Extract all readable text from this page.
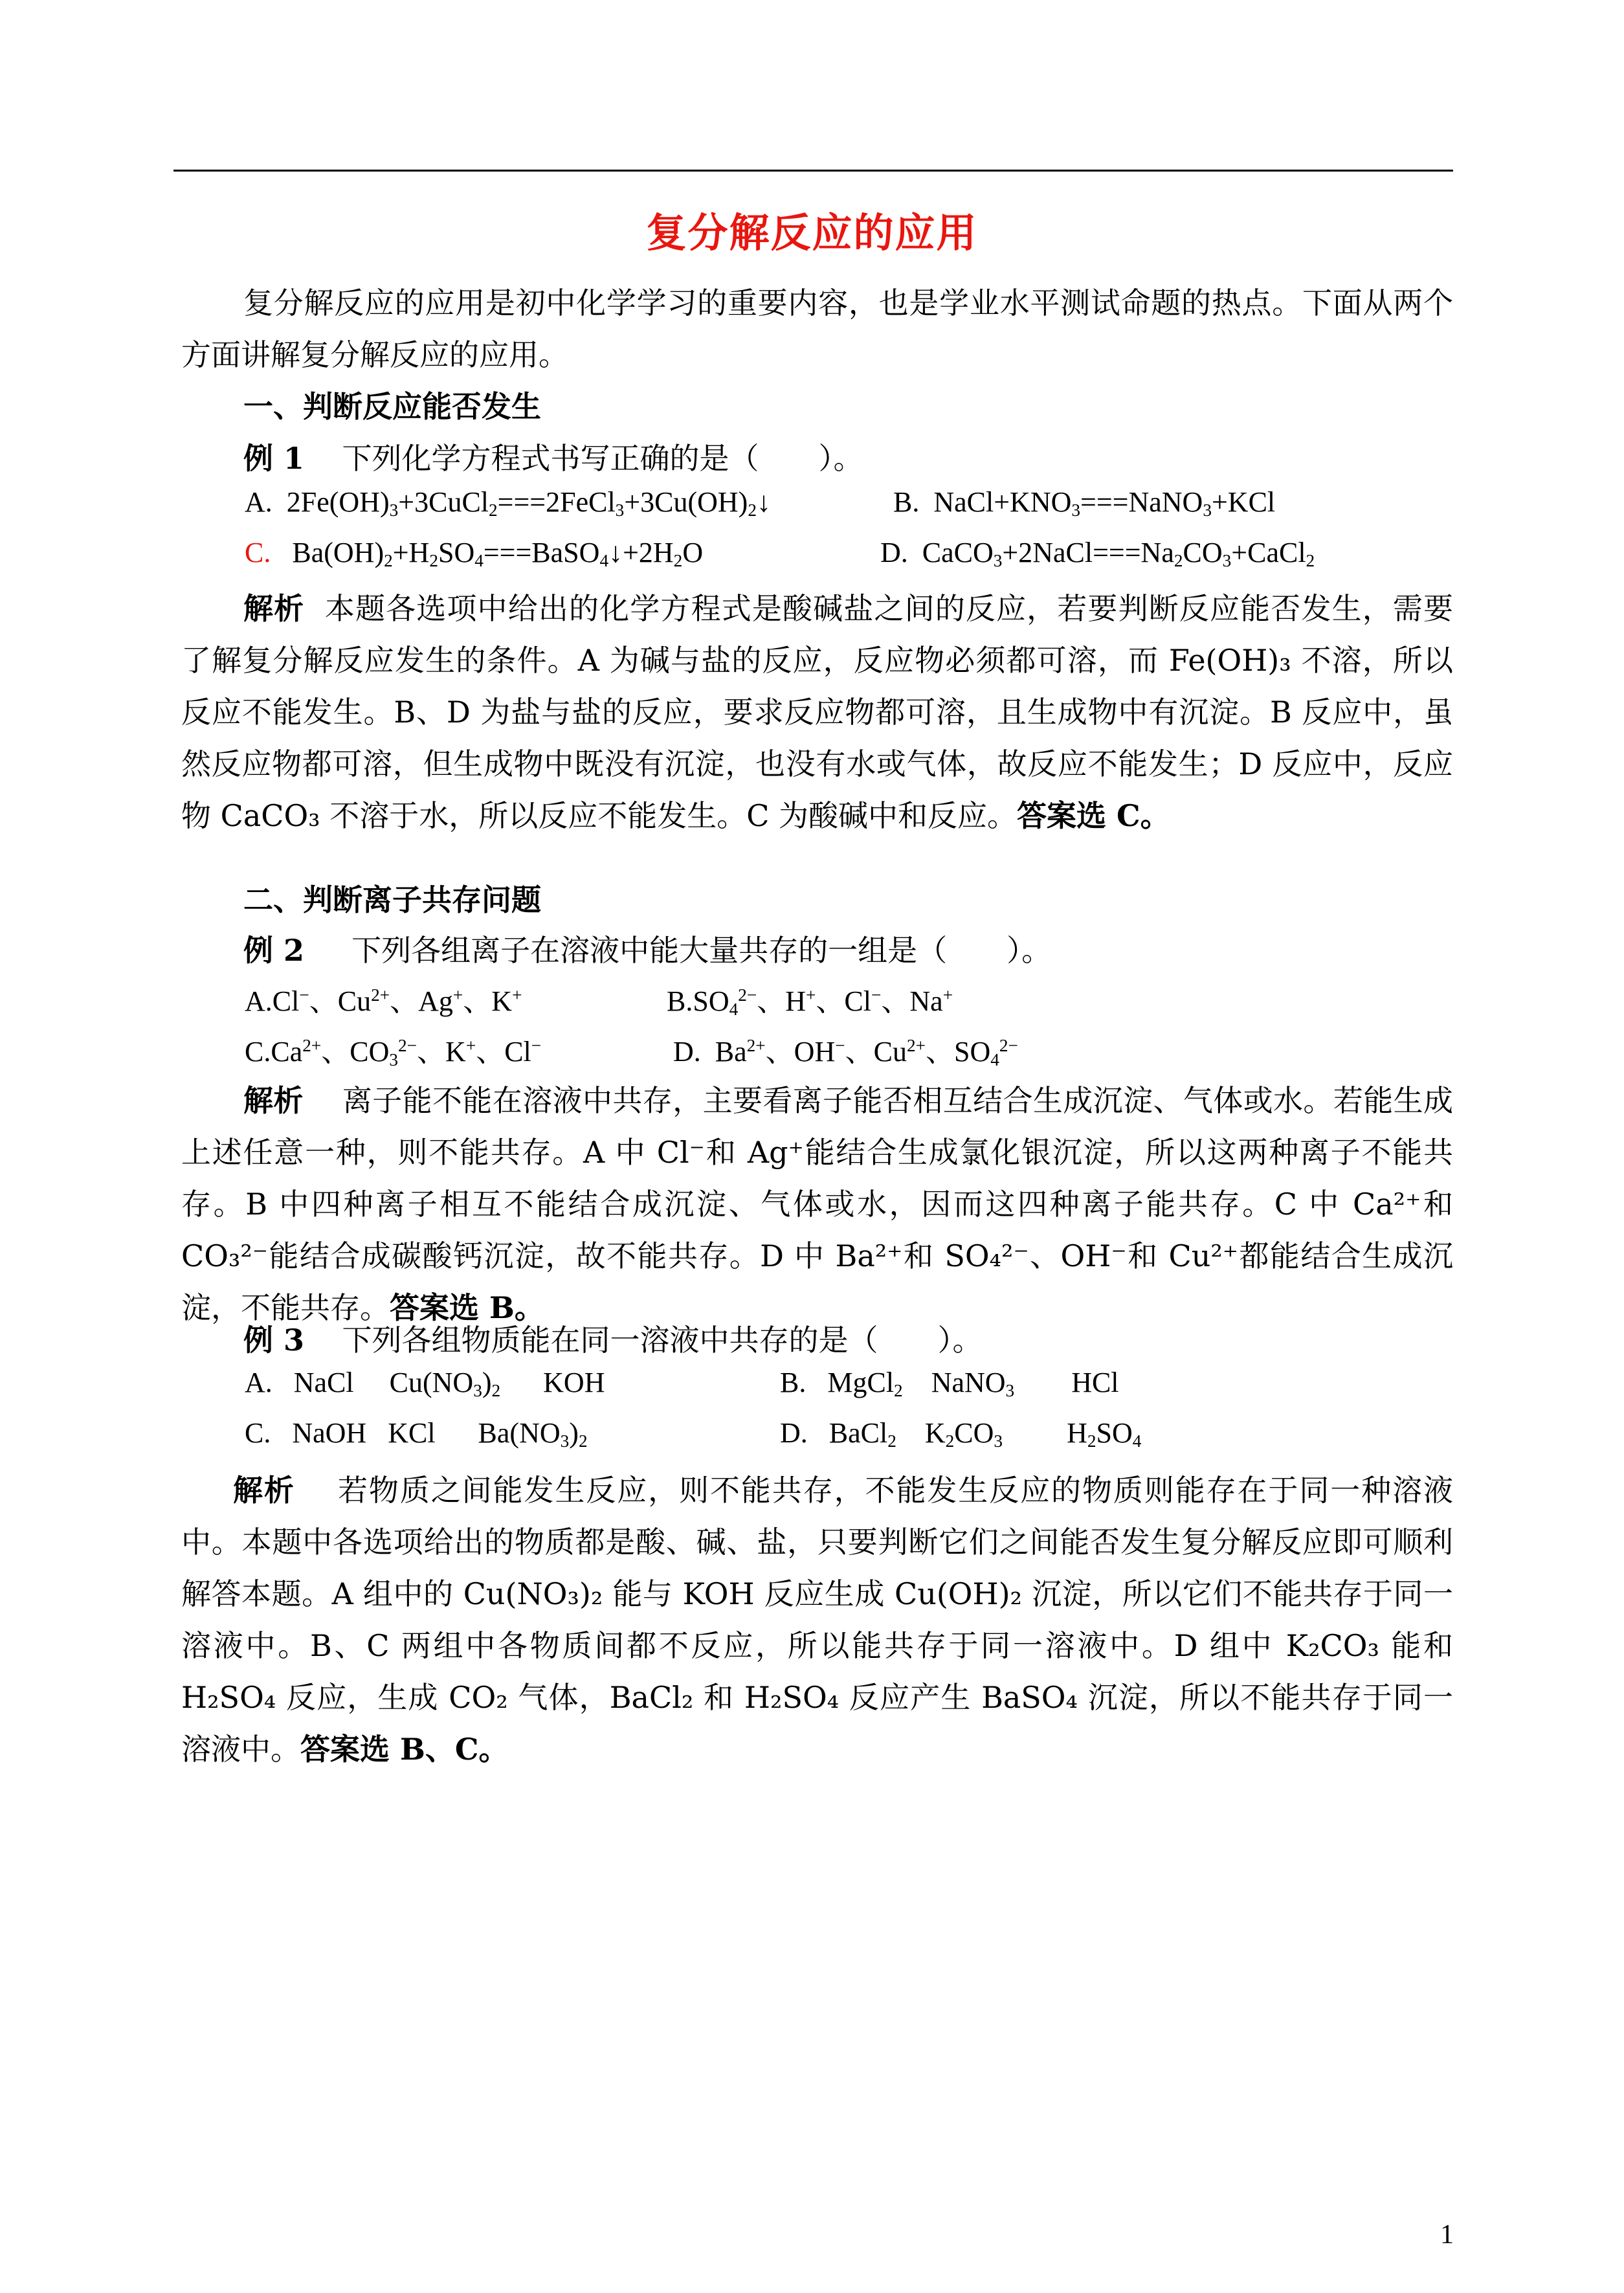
复分解反应的应用
复分解反应的应用是初中化学学习的重要内容，也是学业水平测试命题的热点。下面从两个方面讲解复分解反应的应用。
一、判断反应能否发生
例 1 下列化学方程式书写正确的是（　　）。
A.  $2Fe(OH)_3+3CuCl_2===2FeCl_3+3Cu(OH)_2↓$	B.  $NaCl+KNO_3===NaNO_3+KCl$
C.   $Ba(OH)_2+H_2SO_4===BaSO_4↓+2H_2O$	D.  $CaCO_3+2NaCl===Na_2CO_3+CaCl_2$
解析 本题各选项中给出的化学方程式是酸碱盐之间的反应，若要判断反应能否发生，需要了解复分解反应发生的条件。A 为碱与盐的反应，反应物必须都可溶，而 Fe(OH)₃ 不溶，所以反应不能发生。B、D 为盐与盐的反应，要求反应物都可溶，且生成物中有沉淀。B 反应中，虽然反应物都可溶，但生成物中既没有沉淀，也没有水或气体，故反应不能发生；D 反应中，反应物 CaCO₃ 不溶于水，所以反应不能发生。C 为酸碱中和反应。答案选 C。
二、判断离子共存问题
例 2 下列各组离子在溶液中能大量共存的一组是（　　）。
A.Cl−、$Cu^{2+}$、Ag+、K+	$B.SO_4^{2-}$、H+、Cl−、Na+
$C.Ca^{2+}$、$CO_3^{2-}$、K+、Cl−	D.  $Ba^{2+}$、OH−、$Cu^{2+}$、$SO_4^{2-}$
解析 离子能不能在溶液中共存，主要看离子能否相互结合生成沉淀、气体或水。若能生成上述任意一种，则不能共存。A 中 Cl⁻和 Ag⁺能结合生成氯化银沉淀，所以这两种离子不能共存。B 中四种离子相互不能结合成沉淀、气体或水，因而这四种离子能共存。C 中 Ca²⁺和 CO₃²⁻能结合成碳酸钙沉淀，故不能共存。D 中 Ba²⁺和 SO₄²⁻、OH⁻和 Cu²⁺都能结合生成沉淀，不能共存。答案选 B。
例 3 下列各组物质能在同一溶液中共存的是（　　）。
A.   NaCl     $Cu(NO_3)_2$      KOH	B.   MgCl$_2$    NaNO$_3$        HCl
C.   NaOH   KCl      $Ba(NO_3)_2$	D.   BaCl$_2$    $K_2CO_3$         $H_2SO_4$
解析 若物质之间能发生反应，则不能共存，不能发生反应的物质则能存在于同一种溶液中。本题中各选项给出的物质都是酸、碱、盐，只要判断它们之间能否发生复分解反应即可顺利解答本题。A 组中的 Cu(NO₃)₂ 能与 KOH 反应生成 Cu(OH)₂ 沉淀，所以它们不能共存于同一溶液中。B、C 两组中各物质间都不反应，所以能共存于同一溶液中。D 组中 K₂CO₃ 能和 H₂SO₄ 反应，生成 CO₂ 气体，BaCl₂ 和 H₂SO₄ 反应产生 BaSO₄ 沉淀，所以不能共存于同一溶液中。答案选 B、C。
1
